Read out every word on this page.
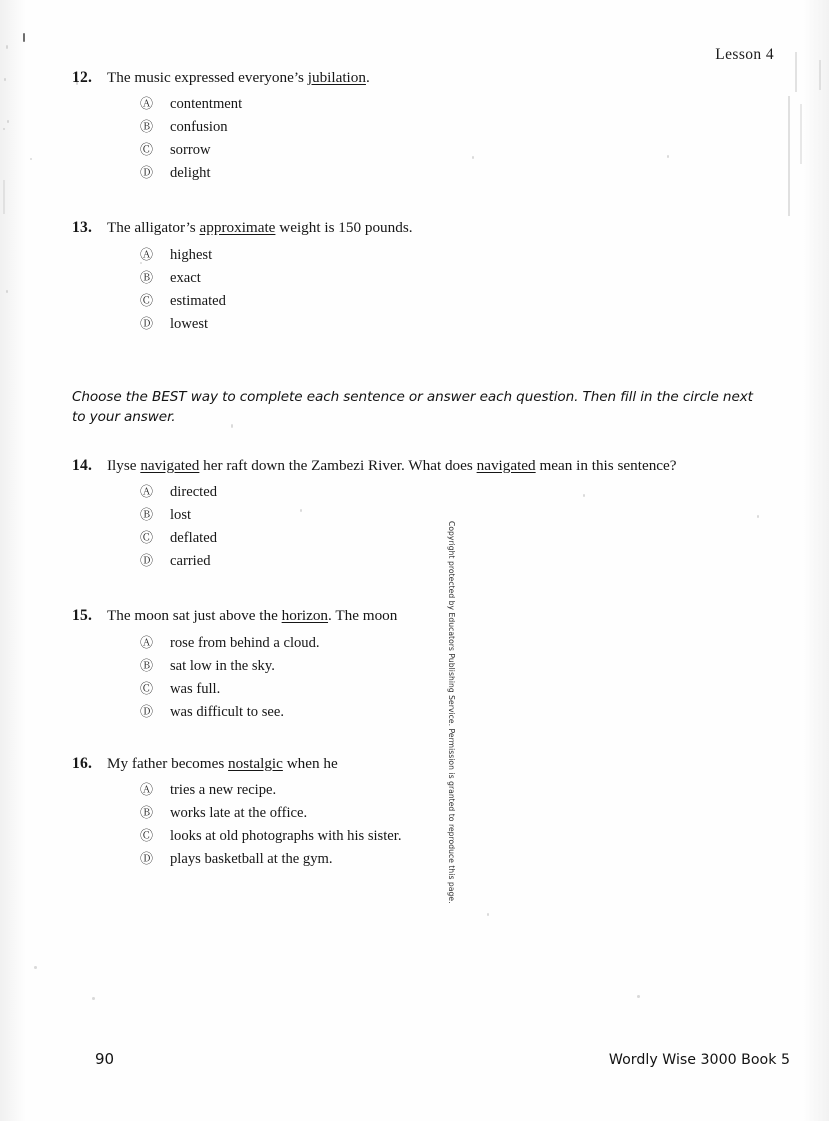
Lesson 4
12. The music expressed everyone’s jubilation.
Ⓐ	contentment
Ⓑ	confusion
Ⓒ	sorrow
Ⓓ	delight
13. The alligator’s approximate weight is 150 pounds.
Ⓐ	highest
Ⓑ	exact
Ⓒ	estimated
Ⓓ	lowest
Choose the BEST way to complete each sentence or answer each question. Then fill in the circle next to your answer.
14. Ilyse navigated her raft down the Zambezi River. What does navigated mean in this sentence?
Ⓐ	directed
Ⓑ	lost
Ⓒ	deflated
Ⓓ	carried
15. The moon sat just above the horizon. The moon
Ⓐ	rose from behind a cloud.
Ⓑ	sat low in the sky.
Ⓒ	was full.
Ⓓ	was difficult to see.
16. My father becomes nostalgic when he
Ⓐ	tries a new recipe.
Ⓑ	works late at the office.
Ⓒ	looks at old photographs with his sister.
Ⓓ	plays basketball at the gym.	Copyright protected by Educators Publishing Service. Permission is granted to reproduce this page.
90	Wordly Wise 3000 Book 5
